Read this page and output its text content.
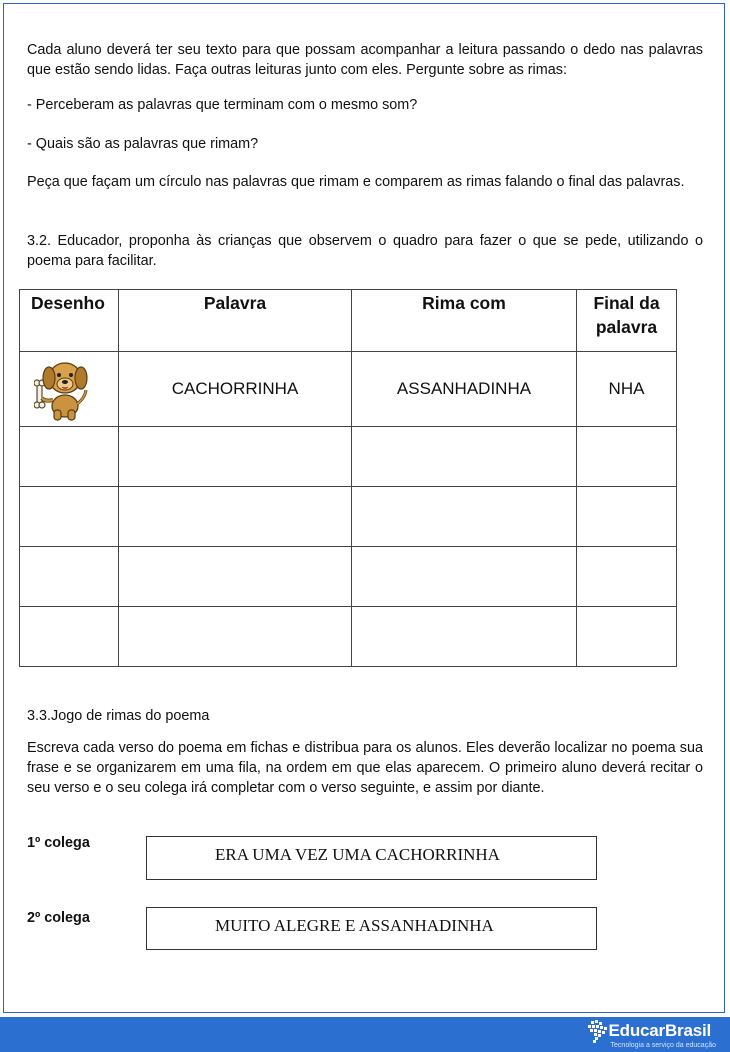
Cada aluno deverá ter seu texto para que possam acompanhar a leitura passando o dedo nas palavras que estão sendo lidas. Faça outras leituras junto com eles. Pergunte sobre as rimas:
- Perceberam as palavras que terminam com o mesmo som?
- Quais são as palavras que rimam?
Peça que façam um círculo nas palavras que rimam e comparem as rimas falando o final das palavras.
3.2. Educador, proponha às crianças que observem o quadro para fazer o que se pede, utilizando o poema para facilitar.
Desenho	Palavra	Rima com	Final da palavra

	CACHORRINHA	ASSANHADINHA	NHA

3.3.Jogo de rimas do poema
Escreva cada verso do poema em fichas e distribua para os alunos. Eles deverão localizar no poema sua frase e se organizarem em uma fila, na ordem em que elas aparecem. O primeiro aluno deverá recitar o seu verso e o seu colega irá completar com o verso seguinte, e assim por diante.
1º colega
ERA UMA VEZ UMA CACHORRINHA
2º colega	MUITO ALEGRE E ASSANHADINHA
EducarBrasil
Tecnologia a serviço da educação
